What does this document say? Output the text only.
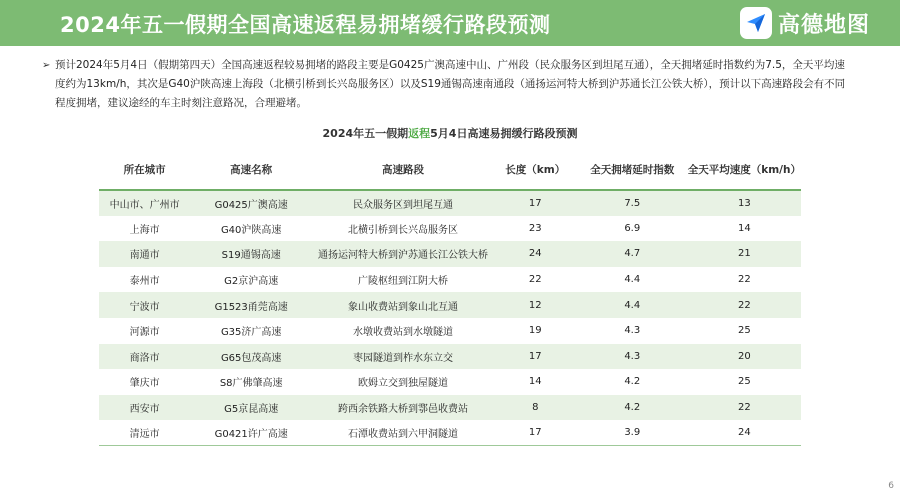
2024年五一假期全国高速返程易拥堵缓行路段预测	高德地图
➢ 预计2024年5月4日（假期第四天）全国高速返程较易拥堵的路段主要是G0425广澳高速中山、广州段（民众服务区到坦尾互通），全天拥堵延时指数约为7.5，全天平均速度约为13km/h，其次是G40沪陕高速上海段（北横引桥到长兴岛服务区）以及S19通锡高速南通段（通扬运河特大桥到沪苏通长江公铁大桥），预计以下高速路段会有不同程度拥堵，建议途经的车主时刻注意路况，合理避堵。
2024年五一假期返程5月4日高速易拥缓行路段预测
所在城市	高速名称	高速路段	长度（km）	全天拥堵延时指数	全天平均速度（km/h）
中山市、广州市	G0425广澳高速	民众服务区到坦尾互通	17	7.5	13
上海市	G40沪陕高速	北横引桥到长兴岛服务区	23	6.9	14
南通市	S19通锡高速	通扬运河特大桥到沪苏通长江公铁大桥	24	4.7	21
泰州市	G2京沪高速	广陵枢纽到江阴大桥	22	4.4	22
宁波市	G1523甬莞高速	象山收费站到象山北互通	12	4.4	22
河源市	G35济广高速	水墩收费站到水墩隧道	19	4.3	25
商洛市	G65包茂高速	枣园隧道到柞水东立交	17	4.3	20
肇庆市	S8广佛肇高速	欧姆立交到独屋隧道	14	4.2	25
西安市	G5京昆高速	跨西余铁路大桥到鄠邑收费站	8	4.2	22
清远市	G0421许广高速	石潭收费站到六甲洞隧道	17	3.9	24
6
